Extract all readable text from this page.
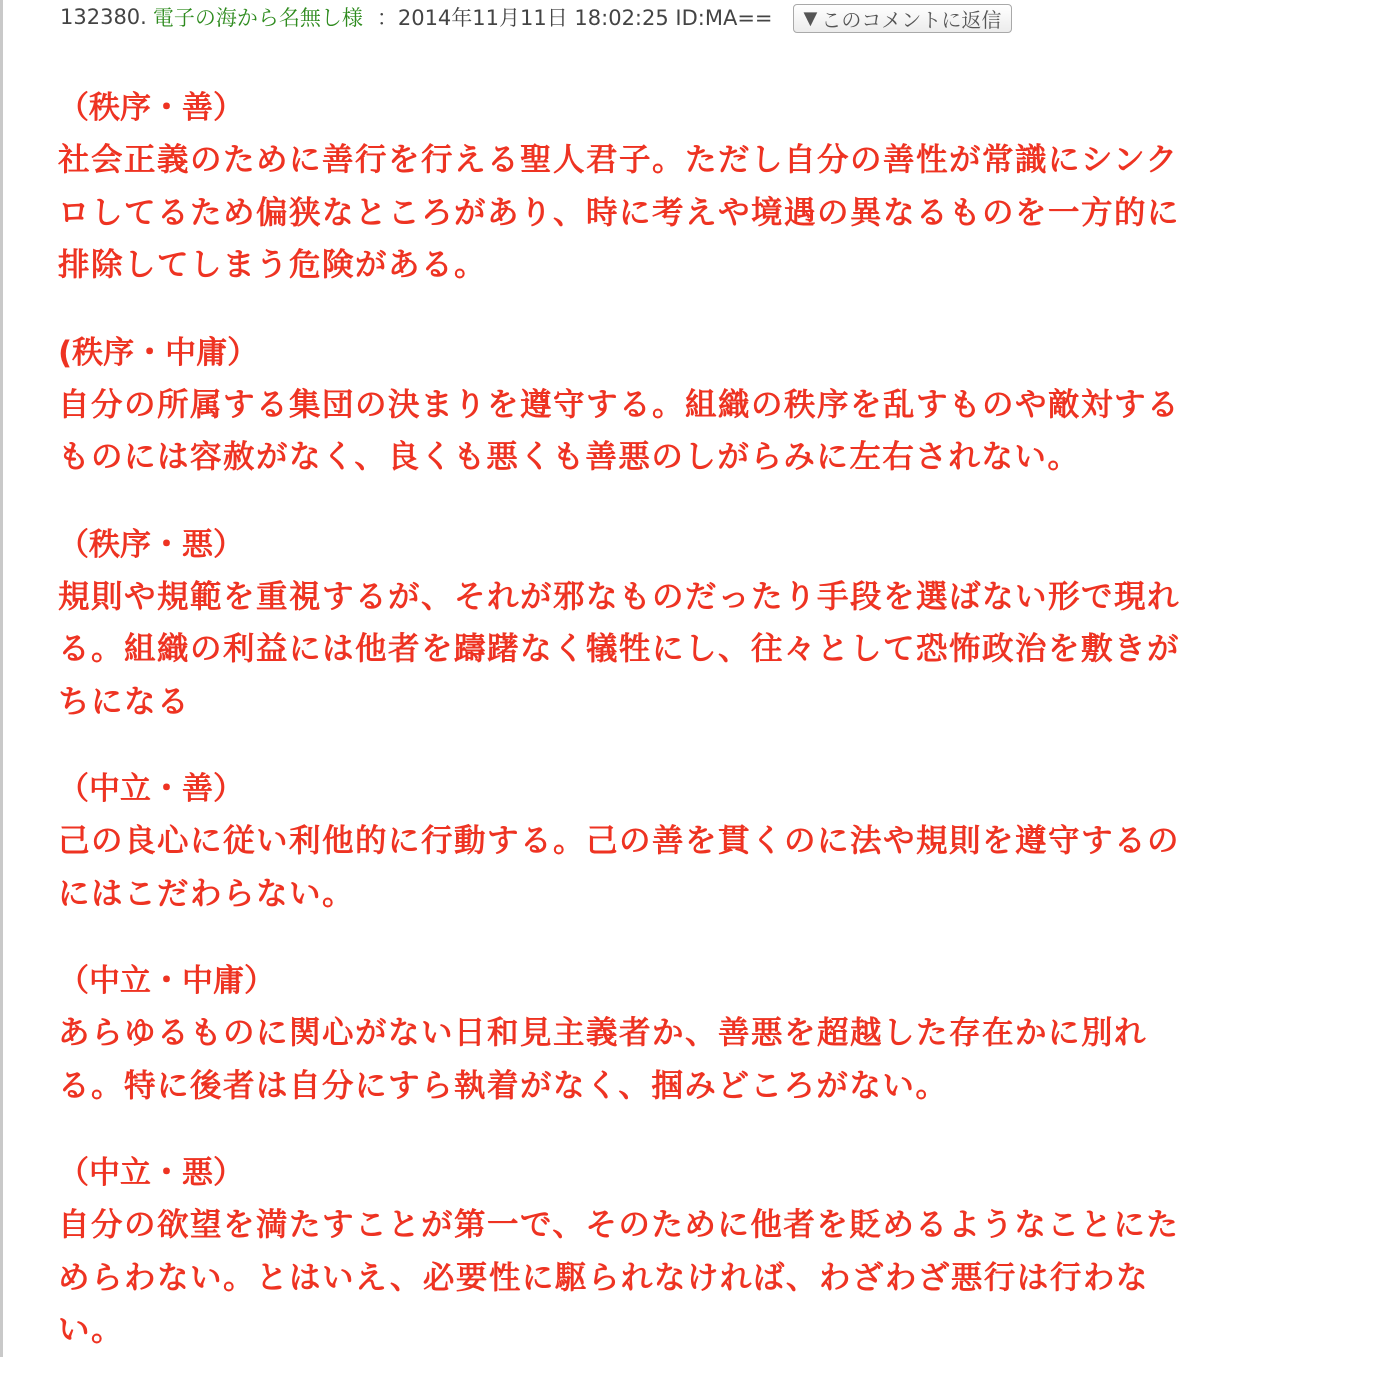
132380. 電子の海から名無し様 ：2014年11月11日 18:02:25 ID:MA== ▼ このコメントに返信
（秩序・善）
社会正義のために善行を行える聖人君子。ただし自分の善性が常識にシンク
ロしてるため偏狭なところがあり、時に考えや境遇の異なるものを一方的に
排除してしまう危険がある。
(秩序・中庸）
自分の所属する集団の決まりを遵守する。組織の秩序を乱すものや敵対する
ものには容赦がなく、良くも悪くも善悪のしがらみに左右されない。
（秩序・悪）
規則や規範を重視するが、それが邪なものだったり手段を選ばない形で現れ
る。組織の利益には他者を躊躇なく犠牲にし、往々として恐怖政治を敷きが
ちになる
（中立・善）
己の良心に従い利他的に行動する。己の善を貫くのに法や規則を遵守するの
にはこだわらない。
（中立・中庸）
あらゆるものに関心がない日和見主義者か、善悪を超越した存在かに別れ
る。特に後者は自分にすら執着がなく、掴みどころがない。
（中立・悪）
自分の欲望を満たすことが第一で、そのために他者を貶めるようなことにた
めらわない。とはいえ、必要性に駆られなければ、わざわざ悪行は行わな
い。
